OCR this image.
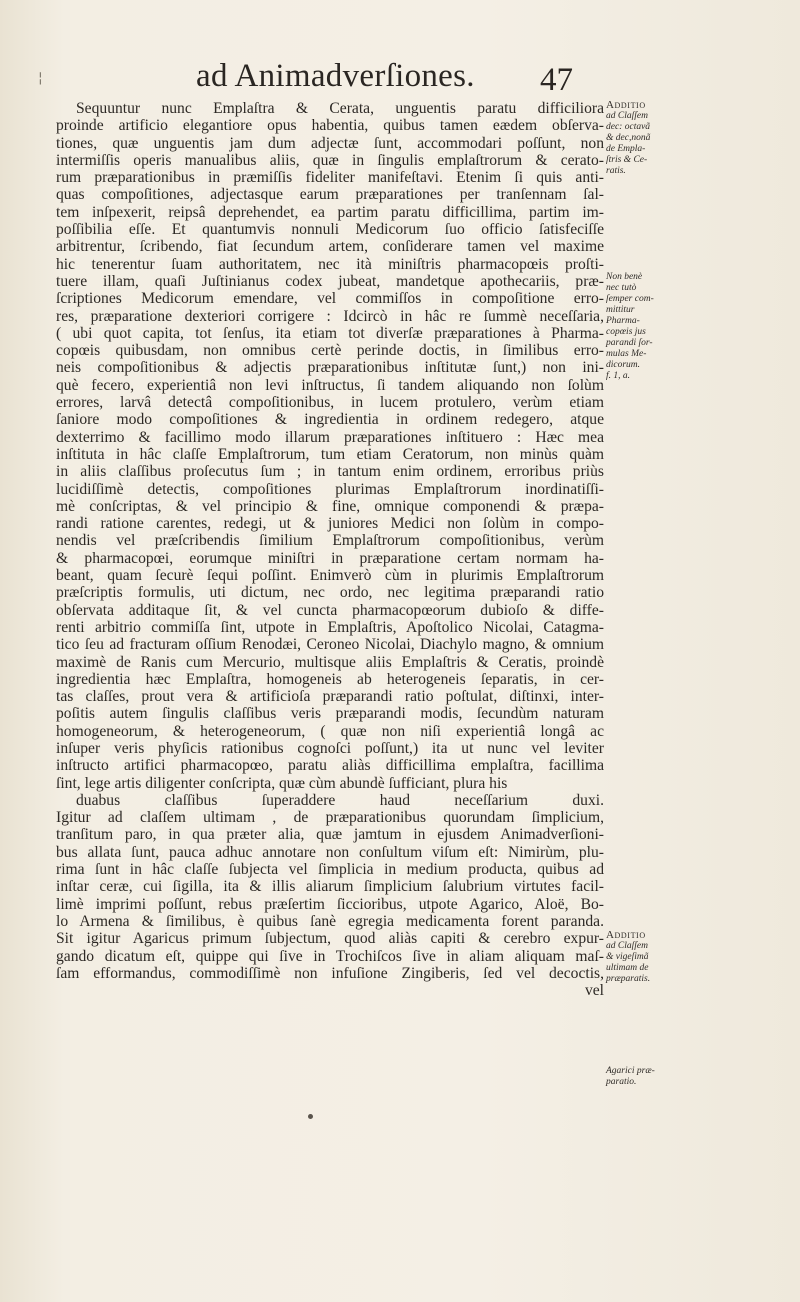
¦	ad Animadverſiones. 47
Sequuntur nunc Emplaſtra & Cerata, unguentis paratu difficiliora
proinde artificio elegantiore opus habentia, quibus tamen eædem obſerva-
tiones, quæ unguentis jam dum adjectæ ſunt, accommodari poſſunt, non
intermiſſis operis manualibus aliis, quæ in ſingulis emplaſtrorum & cerato-
rum præparationibus in præmiſſis fideliter manifeſtavi. Etenim ſi quis anti-
quas compoſitiones, adjectasque earum præparationes per tranſennam ſal-
tem inſpexerit, reipsâ deprehendet, ea partim paratu difficillima, partim im-
poſſibilia eſſe. Et quantumvis nonnuli Medicorum ſuo officio ſatisfeciſſe
arbitrentur, ſcribendo, fiat ſecundum artem, conſiderare tamen vel maxime
hic tenerentur ſuam authoritatem, nec ità miniſtris pharmacopœis proſti-
tuere illam, quaſi Juſtinianus codex jubeat, mandetque apothecariis, præ-
ſcriptiones Medicorum emendare, vel commiſſos in compoſitione erro-
res, præparatione dexteriori corrigere : Idcircò in hâc re ſummè neceſſaria,
( ubi quot capita, tot ſenſus, ita etiam tot diverſæ præparationes à Pharma-
copœis quibusdam, non omnibus certè perinde doctis, in ſimilibus erro-
neis compoſitionibus & adjectis præparationibus inſtitutæ ſunt,) non ini-
què fecero, experientiâ non levi inſtructus, ſi tandem aliquando non ſolùm
errores, larvâ detectâ compoſitionibus, in lucem protulero, verùm etiam
ſaniore modo compoſitiones & ingredientia in ordinem redegero, atque
dexterrimo & facillimo modo illarum præparationes inſtituero : Hæc mea
inſtituta in hâc claſſe Emplaſtrorum, tum etiam Ceratorum, non minùs quàm
in aliis claſſibus proſecutus ſum ; in tantum enim ordinem, erroribus priùs
lucidiſſimè detectis, compoſitiones plurimas Emplaſtrorum inordinatiſſi-
mè conſcriptas, & vel principio & fine, omnique componendi & præpa-
randi ratione carentes, redegi, ut & juniores Medici non ſolùm in compo-
nendis vel præſcribendis ſimilium Emplaſtrorum compoſitionibus, verùm
& pharmacopœi, eorumque miniſtri in præparatione certam normam ha-
beant, quam ſecurè ſequi poſſint. Enimverò cùm in plurimis Emplaſtrorum
præſcriptis formulis, uti dictum, nec ordo, nec legitima præparandi ratio
obſervata additaque ſit, & vel cuncta pharmacopœorum dubioſo & diffe-
renti arbitrio commiſſa ſint, utpote in Emplaſtris, Apoſtolico Nicolai, Catagma-
tico ſeu ad fracturam oſſium Renodæi, Ceroneo Nicolai, Diachylo magno, & omnium
maximè de Ranis cum Mercurio, multisque aliis Emplaſtris & Ceratis, proindè
ingredientia hæc Emplaſtra, homogeneis ab heterogeneis ſeparatis, in cer-
tas claſſes, prout vera & artificioſa præparandi ratio poſtulat, diſtinxi, inter-
poſitis autem ſingulis claſſibus veris præparandi modis, ſecundùm naturam
homogeneorum, & heterogeneorum, ( quæ non niſi experientiâ longâ ac
inſuper veris phyſicis rationibus cognoſci poſſunt,) ita ut nunc vel leviter
inſtructo artifici pharmacopœo, paratu aliàs difficillima emplaſtra, facillima
ſint, lege artis diligenter conſcripta, quæ cùm abundè ſufficiant, plura his
duabus claſſibus ſuperaddere haud neceſſarium duxi.
Igitur ad claſſem ultimam , de præparationibus quorundam ſimplicium,
tranſitum paro, in qua præter alia, quæ jamtum in ejusdem Animadverſioni-
bus allata ſunt, pauca adhuc annotare non conſultum viſum eſt: Nimirùm, plu-
rima ſunt in hâc claſſe ſubjecta vel ſimplicia in medium producta, quibus ad
inſtar ceræ, cui ſigilla, ita & illis aliarum ſimplicium ſalubrium virtutes facil-
limè imprimi poſſunt, rebus præſertim ſiccioribus, utpote Agarico, Aloë, Bo-
lo Armena & ſimilibus, è quibus ſanè egregia medicamenta forent paranda.
Sit igitur Agaricus primum ſubjectum, quod aliàs capiti & cerebro expur-
gando dicatum eſt, quippe qui ſive in Trochiſcos ſive in aliam aliquam maſ-
ſam efformandus, commodiſſimè non infuſione Zingiberis, ſed vel decoctis,
vel
Additio
ad Claſſem
dec: octavã
& dec,nonã
de Empla-
ſtris & Ce-
ratis.
Non benè
nec tutò
ſemper com-
mittitur
Pharma-
copœis jus
parandi ſor-
mulas Me-
dicorum.
f. 1, a.
Additio
ad Claſſem
& vigeſimã
ultimam de
præparatis.
Agarici præ-
paratio.
